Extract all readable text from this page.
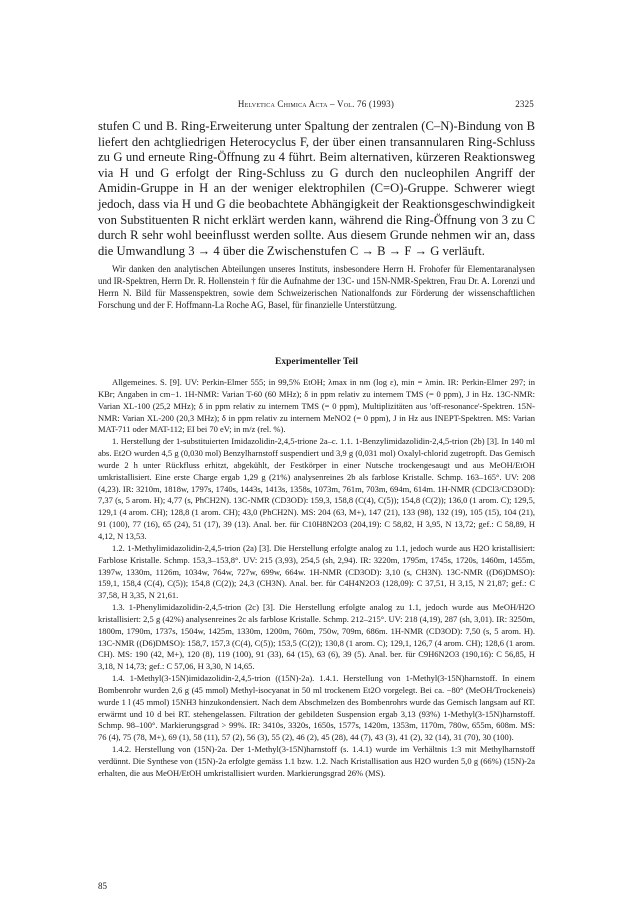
Helvetica Chimica Acta – Vol. 76 (1993)	2325

stufen C und B. Ring-Erweiterung unter Spaltung der zentralen (C–N)-Bindung von B liefert den achtgliedrigen Heterocyclus F, der über einen transannularen Ring-Schluss zu G und erneute Ring-Öffnung zu 4 führt. Beim alternativen, kürzeren Reaktionsweg via H und G erfolgt der Ring-Schluss zu G durch den nucleophilen Angriff der Amidin-Gruppe in H an der weniger elektrophilen (C=O)-Gruppe. Schwerer wiegt jedoch, dass via H und G die beobachtete Abhängigkeit der Reaktionsgeschwindigkeit von Substituenten R nicht erklärt werden kann, während die Ring-Öffnung von 3 zu C durch R sehr wohl beeinflusst werden sollte. Aus diesem Grunde nehmen wir an, dass die Umwandlung 3 → 4 über die Zwischenstufen C → B → F → G verläuft.

Wir danken den analytischen Abteilungen unseres Instituts, insbesondere Herrn H. Frohofer für Elementaranalysen und IR-Spektren, Herrn Dr. R. Hollenstein † für die Aufnahme der 13C- und 15N-NMR-Spektren, Frau Dr. A. Lorenzi und Herrn N. Bild für Massenspektren, sowie dem Schweizerischen Nationalfonds zur Förderung der wissenschaftlichen Forschung und der F. Hoffmann-La Roche AG, Basel, für finanzielle Unterstützung.

Experimenteller Teil

Allgemeines. S. [9]. UV: Perkin-Elmer 555; in 99,5% EtOH; λmax in nm (log ε), min = λmin. IR: Perkin-Elmer 297; in KBr; Angaben in cm−1. 1H-NMR: Varian T-60 (60 MHz); δ in ppm relativ zu internem TMS (= 0 ppm), J in Hz. 13C-NMR: Varian XL-100 (25,2 MHz); δ in ppm relativ zu internem TMS (= 0 ppm), Multiplizitäten aus 'off-resonance'-Spektren. 15N-NMR: Varian XL-200 (20,3 MHz); δ in ppm relativ zu internem MeNO2 (= 0 ppm), J in Hz aus INEPT-Spektren. MS: Varian MAT-711 oder MAT-112; EI bei 70 eV; in m/z (rel. %).

1. Herstellung der 1-substituierten Imidazolidin-2,4,5-trione 2a–c. 1.1. 1-Benzylimidazolidin-2,4,5-trion (2b) [3]. In 140 ml abs. Et2O wurden 4,5 g (0,030 mol) Benzylharnstoff suspendiert und 3,9 g (0,031 mol) Oxalyl-chlorid zugetropft. Das Gemisch wurde 2 h unter Rückfluss erhitzt, abgekühlt, der Festkörper in einer Nutsche trockengesaugt und aus MeOH/EtOH umkristallisiert. Eine erste Charge ergab 1,29 g (21%) analysenreines 2b als farblose Kristalle. Schmp. 163–165°. UV: 208 (4,23). IR: 3210m, 1818w, 1797s, 1740s, 1443s, 1413s, 1358s, 1073m, 761m, 703m, 694m, 614m. 1H-NMR (CDCl3/CD3OD): 7,37 (s, 5 arom. H); 4,77 (s, PhCH2N). 13C-NMR (CD3OD): 159,3, 158,8 (C(4), C(5)); 154,8 (C(2)); 136,0 (1 arom. C); 129,5, 129,1 (4 arom. CH); 128,8 (1 arom. CH); 43,0 (PhCH2N). MS: 204 (63, M+), 147 (21), 133 (98), 132 (19), 105 (15), 104 (21), 91 (100), 77 (16), 65 (24), 51 (17), 39 (13). Anal. ber. für C10H8N2O3 (204,19): C 58,82, H 3,95, N 13,72; gef.: C 58,89, H 4,12, N 13,53.

1.2. 1-Methylimidazolidin-2,4,5-trion (2a) [3]. Die Herstellung erfolgte analog zu 1.1, jedoch wurde aus H2O kristallisiert: Farblose Kristalle. Schmp. 153,3–153,8°. UV: 215 (3,93), 254,5 (sh, 2,94). IR: 3220m, 1795m, 1745s, 1720s, 1460m, 1455m, 1397w, 1330m, 1126m, 1034w, 764w, 727w, 699w, 664w. 1H-NMR (CD3OD): 3,10 (s, CH3N). 13C-NMR ((D6)DMSO): 159,1, 158,4 (C(4), C(5)); 154,8 (C(2)); 24,3 (CH3N). Anal. ber. für C4H4N2O3 (128,09): C 37,51, H 3,15, N 21,87; gef.: C 37,58, H 3,35, N 21,61.

1.3. 1-Phenylimidazolidin-2,4,5-trion (2c) [3]. Die Herstellung erfolgte analog zu 1.1, jedoch wurde aus MeOH/H2O kristallisiert: 2,5 g (42%) analysenreines 2c als farblose Kristalle. Schmp. 212–215°. UV: 218 (4,19), 287 (sh, 3,01). IR: 3250m, 1800m, 1790m, 1737s, 1504w, 1425m, 1330m, 1200m, 760m, 750w, 709m, 686m. 1H-NMR (CD3OD): 7,50 (s, 5 arom. H). 13C-NMR ((D6)DMSO): 158,7, 157,3 (C(4), C(5)); 153,5 (C(2)); 130,8 (1 arom. C); 129,1, 126,7 (4 arom. CH); 128,6 (1 arom. CH). MS: 190 (42, M+), 120 (8), 119 (100), 91 (33), 64 (15), 63 (6), 39 (5). Anal. ber. für C9H6N2O3 (190,16): C 56,85, H 3,18, N 14,73; gef.: C 57,06, H 3,30, N 14,65.

1.4. 1-Methyl(3-15N)imidazolidin-2,4,5-trion ((15N)-2a). 1.4.1. Herstellung von 1-Methyl(3-15N)harnstoff. In einem Bombenrohr wurden 2,6 g (45 mmol) Methyl-isocyanat in 50 ml trockenem Et2O vorgelegt. Bei ca. −80° (MeOH/Trockeneis) wurde 1 l (45 mmol) 15NH3 hinzukondensiert. Nach dem Abschmelzen des Bombenrohrs wurde das Gemisch langsam auf RT. erwärmt und 10 d bei RT. stehengelassen. Filtration der gebildeten Suspension ergab 3,13 (93%) 1-Methyl(3-15N)harnstoff. Schmp. 98–100°. Markierungsgrad > 99%. IR: 3410s, 3320s, 1650s, 1577s, 1420m, 1353m, 1170m, 780w, 655m, 608m. MS: 76 (4), 75 (78, M+), 69 (1), 58 (11), 57 (2), 56 (3), 55 (2), 46 (2), 45 (28), 44 (7), 43 (3), 41 (2), 32 (14), 31 (70), 30 (100).

1.4.2. Herstellung von (15N)-2a. Der 1-Methyl(3-15N)harnstoff (s. 1.4.1) wurde im Verhältnis 1:3 mit Methylharnstoff verdünnt. Die Synthese von (15N)-2a erfolgte gemäss 1.1 bzw. 1.2. Nach Kristallisation aus H2O wurden 5,0 g (66%) (15N)-2a erhalten, die aus MeOH/EtOH umkristallisiert wurden. Markierungsgrad 26% (MS).

85
